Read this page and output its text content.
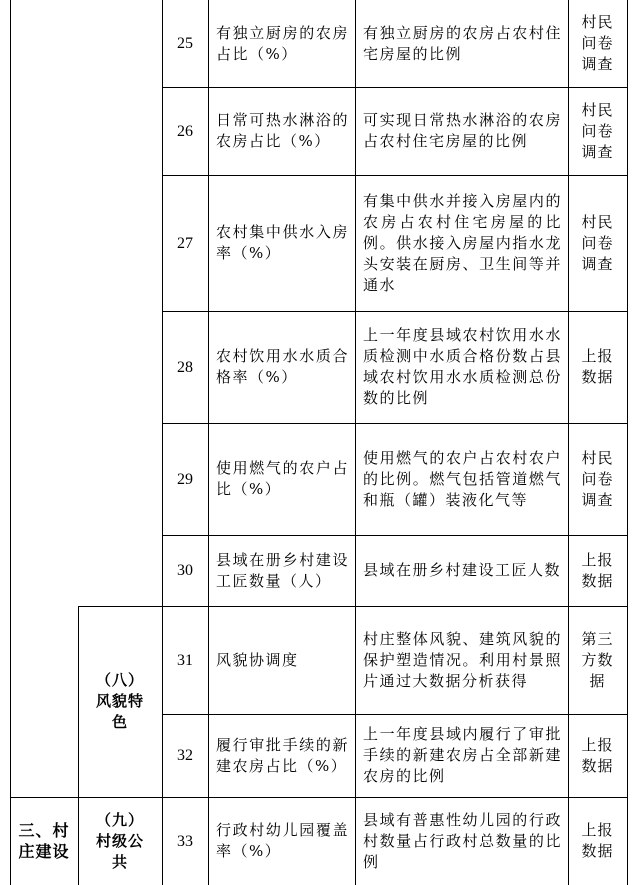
25
有独立厨房的农房占比（%）
有独立厨房的农房占农村住宅房屋的比例
村民问卷调查
26
日常可热水淋浴的农房占比（%）
可实现日常热水淋浴的农房占农村住宅房屋的比例
村民问卷调查
27
农村集中供水入房率（%）
有集中供水并接入房屋内的农房占农村住宅房屋的比例。供水接入房屋内指水龙头安装在厨房、卫生间等并通水
村民问卷调查
28
农村饮用水水质合格率（%）
上一年度县域农村饮用水水质检测中水质合格份数占县域农村饮用水水质检测总份数的比例
上报数据
29
使用燃气的农户占比（%）
使用燃气的农户占农村农户的比例。燃气包括管道燃气和瓶（罐）装液化气等
村民问卷调查
30
县域在册乡村建设工匠数量（人）
县域在册乡村建设工匠人数
上报数据
（八）风貌特色
31	风貌协调度
村庄整体风貌、建筑风貌的保护塑造情况。利用村景照片通过大数据分析获得
第三方数据
32
履行审批手续的新建农房占比（%）
上一年度县域内履行了审批手续的新建农房占全部新建农房的比例
上报数据
三、村庄建设
（九）村级公共
33
行政村幼儿园覆盖率（%）
县域有普惠性幼儿园的行政村数量占行政村总数量的比例
上报数据
